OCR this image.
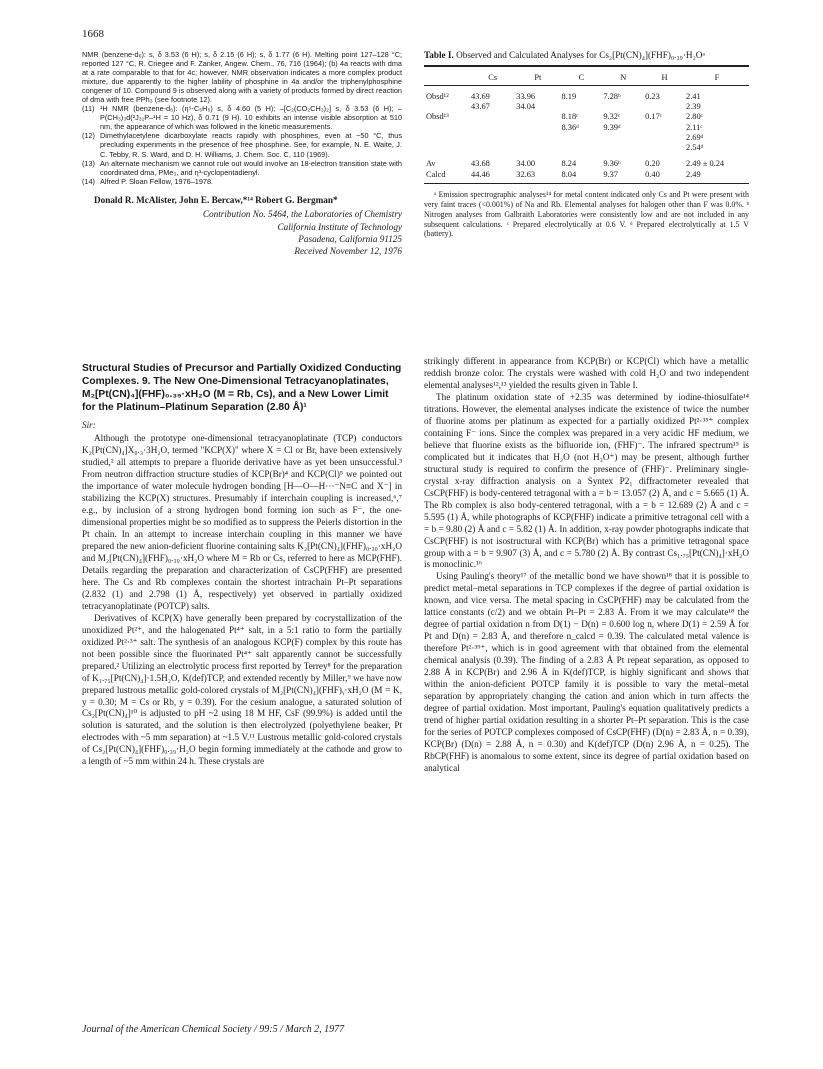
1668

NMR (benzene-d₆): s, δ 3.53 (6 H); s, δ 2.15 (6 H); s, δ 1.77 (6 H). Melting point 127–128 °C; reported 127 °C, R. Criegee and F. Zanker, Angew. Chem., 76, 716 (1964); (b) 4a reacts with dma at a rate comparable to that for 4c; however, NMR observation indicates a more complex product mixture, due apparently to the higher lability of phosphine in 4a and/or the triphenylphosphine congener of 10. Compound 9 is observed along with a variety of products formed by direct reaction of dma with free PPh₃ (see footnote 12).

(11) ¹H NMR (benzene-d₆): (η⁵-C₅H₅) s, δ 4.60 (5 H); –[C₂(CO₂CH₃)₂] s, δ 3.53 (6 H); –P(CH₃)₃d(²J₃₁P–¹H = 10 Hz), δ 0.71 (9 H). 10 exhibits an intense visible absorption at 510 nm, the appearance of which was followed in the kinetic measurements.

(12) Dimethylacetylene dicarboxylate reacts rapidly with phosphines, even at −50 °C, thus precluding experiments in the presence of free phosphine. See, for example, N. E. Waite, J. C. Tebby, R. S. Ward, and D. H. Williams, J. Chem. Soc. C, 110 (1969).

(13) An alternate mechanism we cannot rule out would involve an 18-electron transition state with coordinated dma, PMe₃, and η³-cyclopentadienyl.

(14) Alfred P. Sloan Fellow, 1976–1978.

Donald R. McAlister, John E. Bercaw,*¹⁴ Robert G. Bergman*
Contribution No. 5464, the Laboratories of Chemistry
California Institute of Technology
Pasadena, California 91125
Received November 12, 1976

Table I. Observed and Calculated Analyses for Cs₂[Pt(CN)₄](FHF)₀.₃₉·H₂Oᵃ

	Cs	Pt	C	N	H	F
Obsd¹²	43.69	33.96	8.19	7.28ᵇ	0.23	2.41
	43.67	34.04				2.39
Obsd¹³			8.18ᶜ	9.32ᶜ	0.17ᶜ	2.80ᶜ
			8.36ᵈ	9.39ᵈ		2.11ᶜ
						2.69ᵈ
						2.54ᵈ
Av	43.68	34.00	8.24	9.36ᵇ	0.20	2.49 ± 0.24
Calcd	44.46	32.63	8.04	9.37	0.40	2.49

ᵃ Emission spectrographic analyses¹⁴ for metal content indicated only Cs and Pt were present with very faint traces (<0.001%) of Na and Rb. Elemental analyses for halogen other than F was 0.0%. ᵇ Nitrogen analyses from Galbraith Laboratories were consistently low and are not included in any subsequent calculations. ᶜ Prepared electrolytically at 0.6 V. ᵈ Prepared electrolytically at 1.5 V (battery).

Structural Studies of Precursor and Partially Oxidized Conducting Complexes. 9. The New One-Dimensional Tetracyanoplatinates, M₂[Pt(CN)₄](FHF)₀.₃₉·xH₂O (M = Rb, Cs), and a New Lower Limit for the Platinum–Platinum Separation (2.80 Å)¹
Sir:

Although the prototype one-dimensional tetracyanoplatinate (TCP) conductors K₂[Pt(CN)₄]X₀.₃·3H₂O, termed "KCP(X)" where X = Cl or Br, have been extensively studied,² all attempts to prepare a fluoride derivative have as yet been unsuccessful.³ From neutron diffraction structure studies of KCP(Br)⁴ and KCP(Cl)⁵ we pointed out the importance of water molecule hydrogen bonding [H—O—H···⁻N≡C and X⁻] in stabilizing the KCP(X) structures. Presumably if interchain coupling is increased,⁶,⁷ e.g., by inclusion of a strong hydrogen bond forming ion such as F⁻, the one-dimensional properties might be so modified as to suppress the Peierls distortion in the Pt chain. In an attempt to increase interchain coupling in this manner we have prepared the new anion-deficient fluorine containing salts K₂[Pt(CN)₄](FHF)₀.₃₀·xH₂O and M₂[Pt(CN)₄](FHF)₀.₃₉·xH₂O where M = Rb or Cs, referred to here as MCP(FHF). Details regarding the preparation and characterization of CsCP(FHF) are presented here. The Cs and Rb complexes contain the shortest intrachain Pt–Pt separations (2.832 (1) and 2.798 (1) Å, respectively) yet observed in partially oxidized tetracyanoplatinate (POTCP) salts.

Derivatives of KCP(X) have generally been prepared by cocrystallization of the unoxidized Pt²⁺, and the halogenated Pt⁴⁺ salt, in a 5:1 ratio to form the partially oxidized Pt²·³⁺ salt. The synthesis of an analogous KCP(F) complex by this route has not been possible since the fluorinated Pt⁴⁺ salt apparently cannot be successfully prepared.² Utilizing an electrolytic process first reported by Terrey⁸ for the preparation of K₁.₇₅[Pt(CN)₄]·1.5H₂O, K(def)TCP, and extended recently by Miller,⁹ we have now prepared lustrous metallic gold-colored crystals of M₂[Pt(CN)₄](FHF)ᵧ·xH₂O (M = K, y = 0.30; M = Cs or Rb, y = 0.39). For the cesium analogue, a saturated solution of Cs₂[Pt(CN)₄]¹⁰ is adjusted to pH ~2 using 18 M HF, CsF (99.9%) is added until the solution is saturated, and the solution is then electrolyzed (polyethylene beaker, Pt electrodes with ~5 mm separation) at ~1.5 V.¹¹ Lustrous metallic gold-colored crystals of Cs₂[Pt(CN)₄](FHF)₀.₃₉·H₂O begin forming immediately at the cathode and grow to a length of ~5 mm within 24 h. These crystals are

strikingly different in appearance from KCP(Br) or KCP(Cl) which have a metallic reddish bronze color. The crystals were washed with cold H₂O and two independent elemental analyses¹²,¹³ yielded the results given in Table I.

The platinum oxidation state of +2.35 was determined by iodine-thiosulfate¹⁴ titrations. However, the elemental analyses indicate the existence of twice the number of fluorine atoms per platinum as expected for a partially oxidized Pt²·³⁵⁺ complex containing F⁻ ions. Since the complex was prepared in a very acidic HF medium, we believe that fluorine exists as the bifluoride ion, (FHF)⁻. The infrared spectrum¹⁵ is complicated but it indicates that H₂O (not H₃O⁺) may be present, although further structural study is required to confirm the presence of (FHF)⁻. Preliminary single-crystal x-ray diffraction analysis on a Syntex P2₁ diffractometer revealed that CsCP(FHF) is body-centered tetragonal with a = b = 13.057 (2) Å, and c = 5.665 (1) Å. The Rb complex is also body-centered tetragonal, with a = b = 12.689 (2) Å and c = 5.595 (1) Å, while photographs of KCP(FHF) indicate a primitive tetragonal cell with a = b = 9.80 (2) Å and c = 5.82 (1) Å. In addition, x-ray powder photographs indicate that CsCP(FHF) is not isostructural with KCP(Br) which has a primitive tetragonal space group with a = b = 9.907 (3) Å, and c = 5.780 (2) Å. By contrast Cs₁.₇₅[Pt(CN)₄]·xH₂O is monoclinic.¹⁶

Using Pauling's theory¹⁷ of the metallic bond we have shown¹⁸ that it is possible to predict metal–metal separations in TCP complexes if the degree of partial oxidation is known, and vice versa. The metal spacing in CsCP(FHF) may be calculated from the lattice constants (c/2) and we obtain Pt–Pt = 2.83 Å. From it we may calculate¹⁸ the degree of partial oxidation n from D(1) − D(n) = 0.600 log n, where D(1) = 2.59 Å for Pt and D(n) = 2.83 Å, and therefore n_calcd = 0.39. The calculated metal valence is therefore Pt²·³⁹⁺, which is in good agreement with that obtained from the elemental chemical analysis (0.39). The finding of a 2.83 Å Pt repeat separation, as opposed to 2.88 Å in KCP(Br) and 2.96 Å in K(def)TCP, is highly significant and shows that within the anion-deficient POTCP family it is possible to vary the metal–metal separation by appropriately changing the cation and anion which in turn affects the degree of partial oxidation. Most important, Pauling's equation qualitatively predicts a trend of higher partial oxidation resulting in a shorter Pt–Pt separation. This is the case for the series of POTCP complexes composed of CsCP(FHF) (D(n) = 2.83 Å, n = 0.39), KCP(Br) (D(n) = 2.88 Å, n = 0.30) and K(def)TCP (D(n) 2.96 Å, n = 0.25). The RbCP(FHF) is anomalous to some extent, since its degree of partial oxidation based on analytical

Journal of the American Chemical Society / 99:5 / March 2, 1977
